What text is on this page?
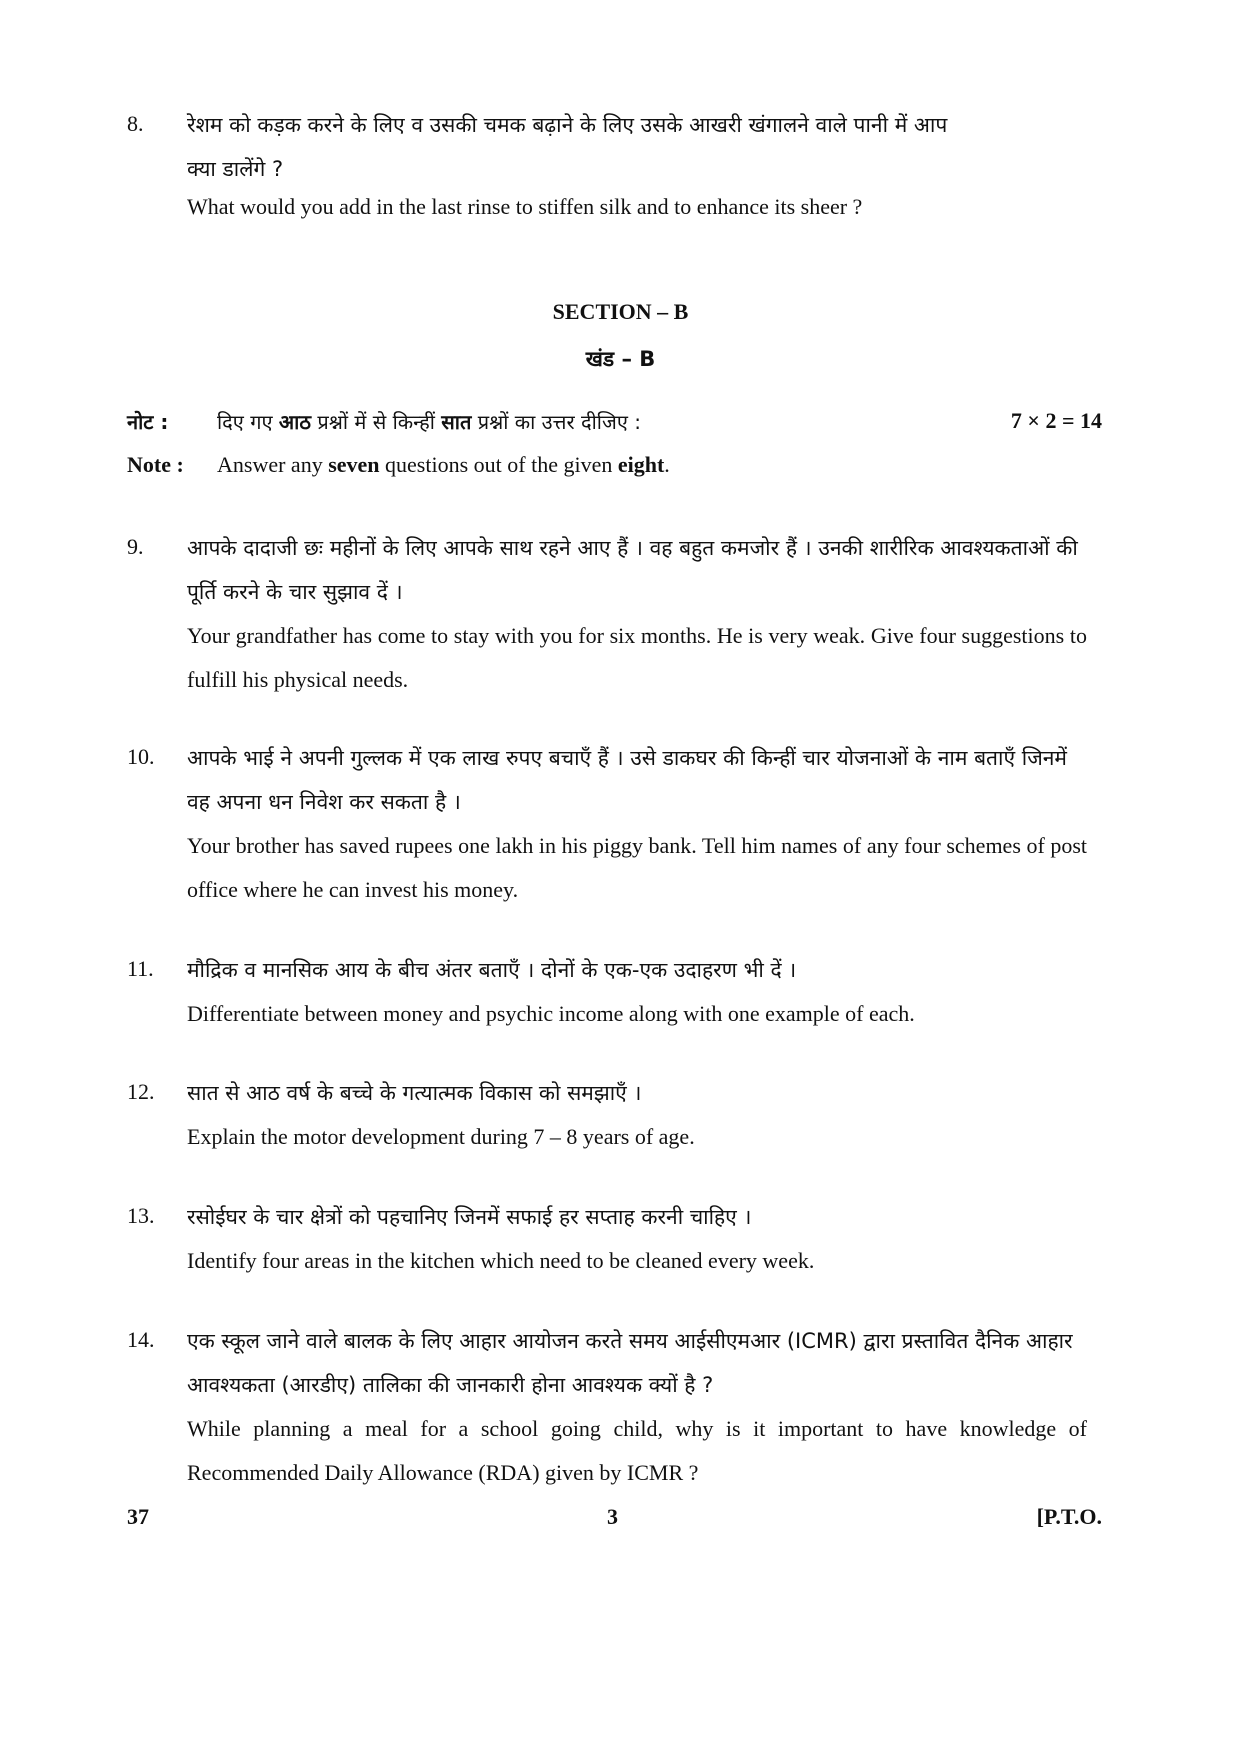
8. रेशम को कड़क करने के लिए व उसकी चमक बढ़ाने के लिए उसके आखरी खंगालने वाले पानी में आप
क्या डालेंगे ?
What would you add in the last rinse to stiffen silk and to enhance its sheer ?
SECTION – B
खंड – B
नोट : दिए गए आठ प्रश्नों में से किन्हीं सात प्रश्नों का उत्तर दीजिए :	7 × 2 = 14
Note : Answer any seven questions out of the given eight.
9. आपके दादाजी छः महीनों के लिए आपके साथ रहने आए हैं । वह बहुत कमजोर हैं । उनकी शारीरिक आवश्यकताओं की पूर्ति करने के चार सुझाव दें ।
Your grandfather has come to stay with you for six months. He is very weak. Give four suggestions to fulfill his physical needs.
10. आपके भाई ने अपनी गुल्लक में एक लाख रुपए बचाएँ हैं । उसे डाकघर की किन्हीं चार योजनाओं के नाम बताएँ जिनमें वह अपना धन निवेश कर सकता है ।
Your brother has saved rupees one lakh in his piggy bank. Tell him names of any four schemes of post office where he can invest his money.
11. मौद्रिक व मानसिक आय के बीच अंतर बताएँ । दोनों के एक-एक उदाहरण भी दें ।
Differentiate between money and psychic income along with one example of each.
12. सात से आठ वर्ष के बच्चे के गत्यात्मक विकास को समझाएँ ।
Explain the motor development during 7 – 8 years of age.
13. रसोईघर के चार क्षेत्रों को पहचानिए जिनमें सफाई हर सप्ताह करनी चाहिए ।
Identify four areas in the kitchen which need to be cleaned every week.
14. एक स्कूल जाने वाले बालक के लिए आहार आयोजन करते समय आईसीएमआर (ICMR) द्वारा प्रस्तावित दैनिक आहार आवश्यकता (आरडीए) तालिका की जानकारी होना आवश्यक क्यों है ?
While planning a meal for a school going child, why is it important to have knowledge of Recommended Daily Allowance (RDA) given by ICMR ?
37	3	[P.T.O.
